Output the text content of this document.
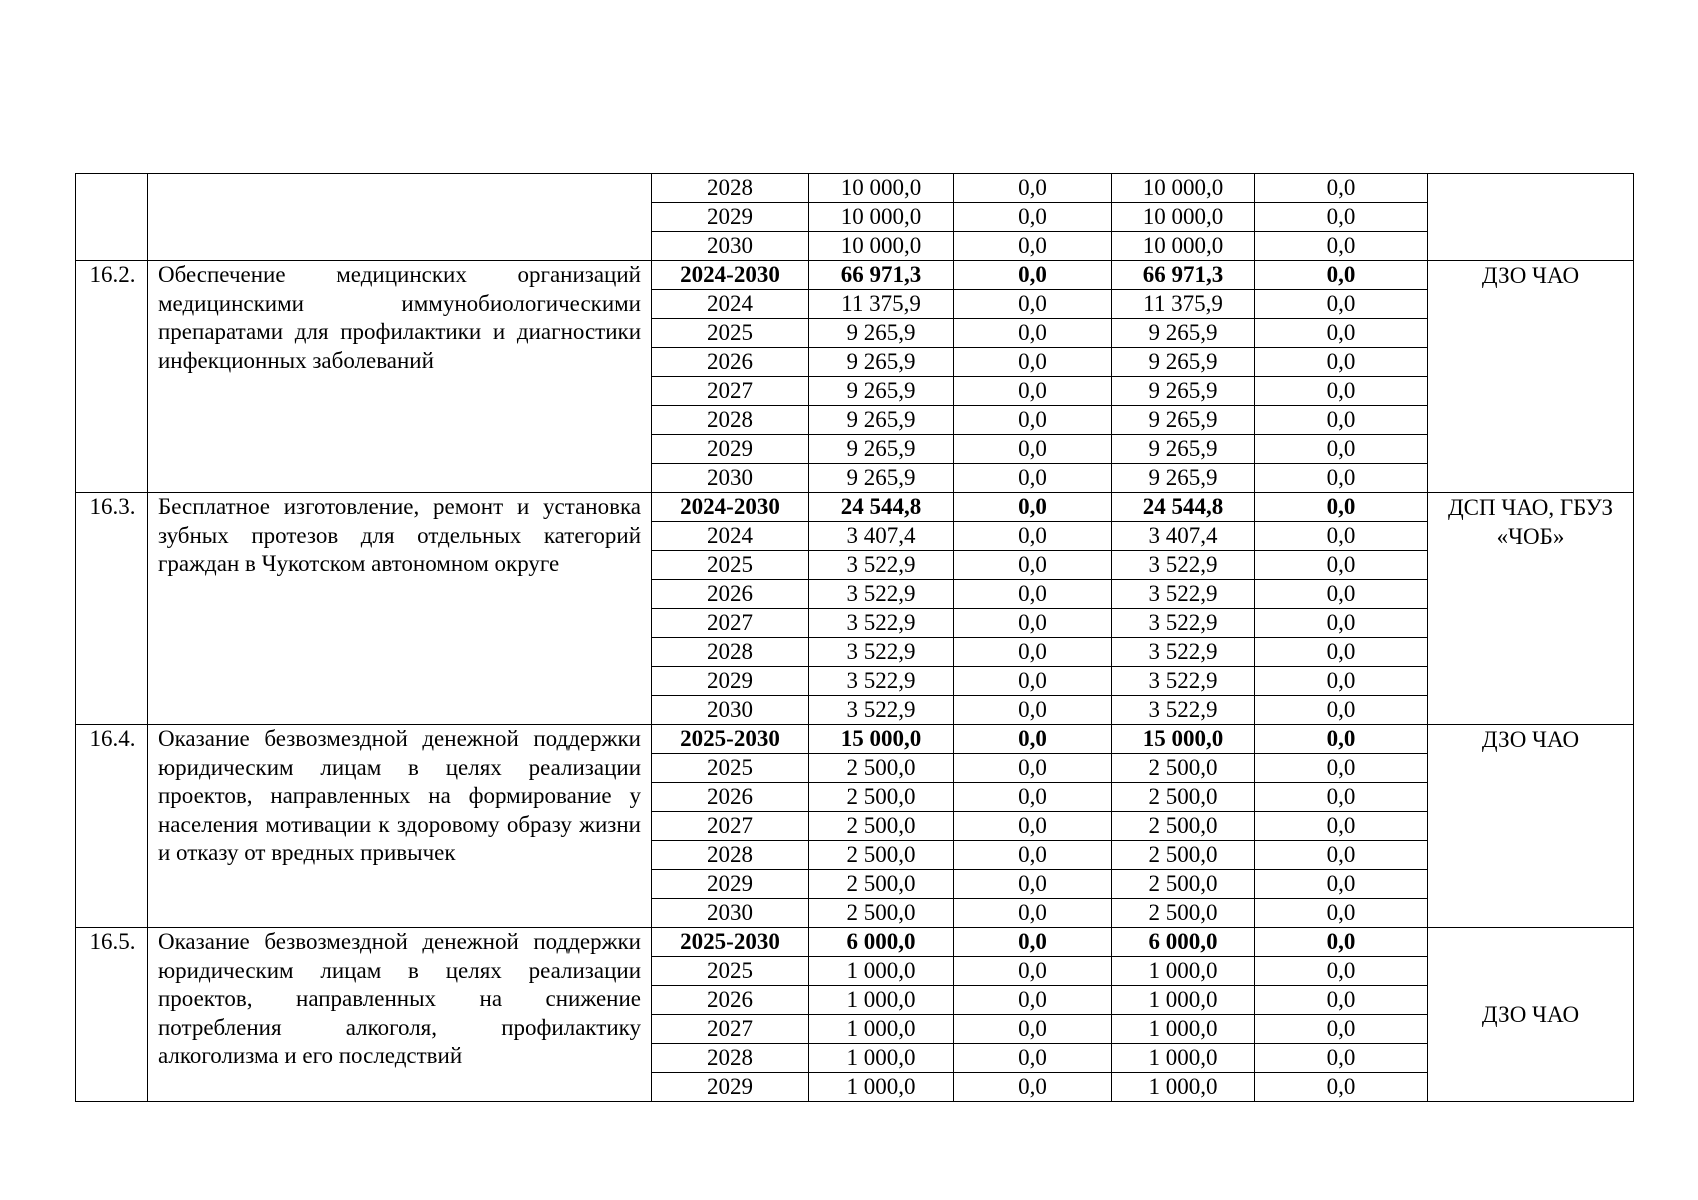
		2028	10 000,0	0,0	10 000,0	0,0	
		2029	10 000,0	0,0	10 000,0	0,0	
		2030	10 000,0	0,0	10 000,0	0,0	
16.2.	Обеспечение медицинских организаций медицинскими иммунобиологическими препаратами для профилактики и диагностики инфекционных заболеваний	2024-2030	66 971,3	0,0	66 971,3	0,0	ДЗО ЧАО
		2024	11 375,9	0,0	11 375,9	0,0	
		2025	9 265,9	0,0	9 265,9	0,0	
		2026	9 265,9	0,0	9 265,9	0,0	
		2027	9 265,9	0,0	9 265,9	0,0	
		2028	9 265,9	0,0	9 265,9	0,0	
		2029	9 265,9	0,0	9 265,9	0,0	
		2030	9 265,9	0,0	9 265,9	0,0	
16.3.	Бесплатное изготовление, ремонт и установка зубных протезов для отдельных категорий граждан в Чукотском автономном округе	2024-2030	24 544,8	0,0	24 544,8	0,0	ДСП ЧАО, ГБУЗ «ЧОБ»
		2024	3 407,4	0,0	3 407,4	0,0	
		2025	3 522,9	0,0	3 522,9	0,0	
		2026	3 522,9	0,0	3 522,9	0,0	
		2027	3 522,9	0,0	3 522,9	0,0	
		2028	3 522,9	0,0	3 522,9	0,0	
		2029	3 522,9	0,0	3 522,9	0,0	
		2030	3 522,9	0,0	3 522,9	0,0	
16.4.	Оказание безвозмездной денежной поддержки юридическим лицам в целях реализации проектов, направленных на формирование у населения мотивации к здоровому образу жизни и отказу от вредных привычек	2025-2030	15 000,0	0,0	15 000,0	0,0	ДЗО ЧАО
		2025	2 500,0	0,0	2 500,0	0,0	
		2026	2 500,0	0,0	2 500,0	0,0	
		2027	2 500,0	0,0	2 500,0	0,0	
		2028	2 500,0	0,0	2 500,0	0,0	
		2029	2 500,0	0,0	2 500,0	0,0	
		2030	2 500,0	0,0	2 500,0	0,0	
16.5.	Оказание безвозмездной денежной поддержки юридическим лицам в целях реализации проектов, направленных на снижение потребления алкоголя, профилактику алкоголизма и его последствий	2025-2030	6 000,0	0,0	6 000,0	0,0	ДЗО ЧАО
		2025	1 000,0	0,0	1 000,0	0,0	
		2026	1 000,0	0,0	1 000,0	0,0	
		2027	1 000,0	0,0	1 000,0	0,0	
		2028	1 000,0	0,0	1 000,0	0,0	
		2029	1 000,0	0,0	1 000,0	0,0	
